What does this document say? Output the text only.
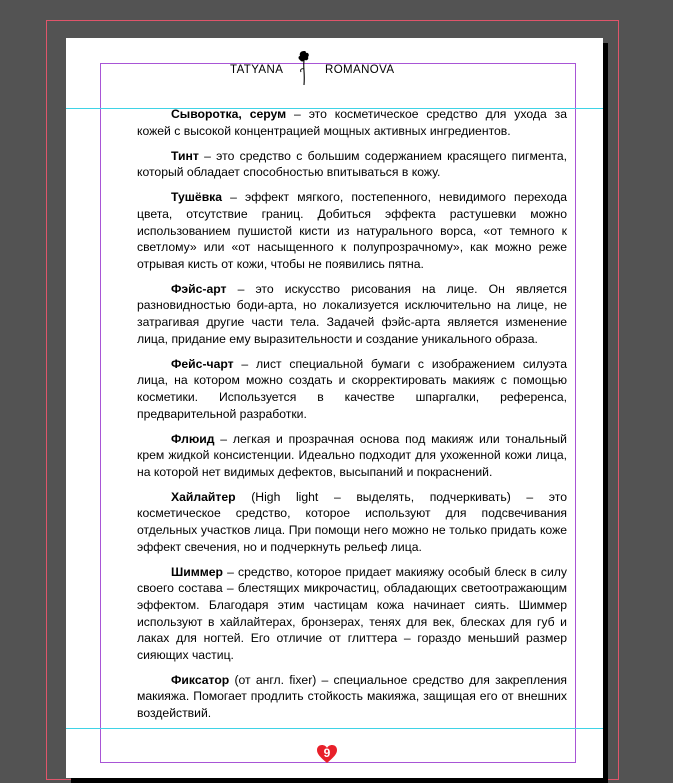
TATYANA	ROMANOVA

Сыворотка, серум – это косметическое средство для ухода за кожей с высокой концентрацией мощных активных ингредиентов.

Тинт – это средство с большим содержанием красящего пигмента, который обладает способностью впитываться в кожу.

Тушёвка – эффект мягкого, постепенного, невидимого перехода цвета, отсутствие границ. Добиться эффекта растушевки можно использованием пушистой кисти из натурального ворса, «от темного к светлому» или «от насыщенного к полупрозрачному», как можно реже отрывая кисть от кожи, чтобы не появились пятна.

Фэйс-арт – это искусство рисования на лице. Он является разновидностью боди-арта, но локализуется исключительно на лице, не затрагивая другие части тела. Задачей фэйс-арта является изменение лица, придание ему выразительности и создание уникального образа.

Фейс-чарт – лист специальной бумаги с изображением силуэта лица, на котором можно создать и скорректировать макияж с помощью косметики. Используется в качестве шпаргалки, референса, предварительной разработки.

Флюид – легкая и прозрачная основа под макияж или тональный крем жидкой консистенции. Идеально подходит для ухоженной кожи лица, на которой нет видимых дефектов, высыпаний и покраснений.

Хайлайтер (High light – выделять, подчеркивать) – это косметическое средство, которое используют для подсвечивания отдельных участков лица. При помощи него можно не только придать коже эффект свечения, но и подчеркнуть рельеф лица.

Шиммер – средство, которое придает макияжу особый блеск в силу своего состава – блестящих микрочастиц, обладающих светоотражающим эффектом. Благодаря этим частицам кожа начинает сиять. Шиммер используют в хайлайтерах, бронзерах, тенях для век, блесках для губ и лаках для ногтей. Его отличие от глиттера – гораздо меньший размер сияющих частиц.

Фиксатор (от англ. fixer) – специальное средство для закрепления макияжа. Помогает продлить стойкость макияжа, защищая его от внешних воздействий.

9
